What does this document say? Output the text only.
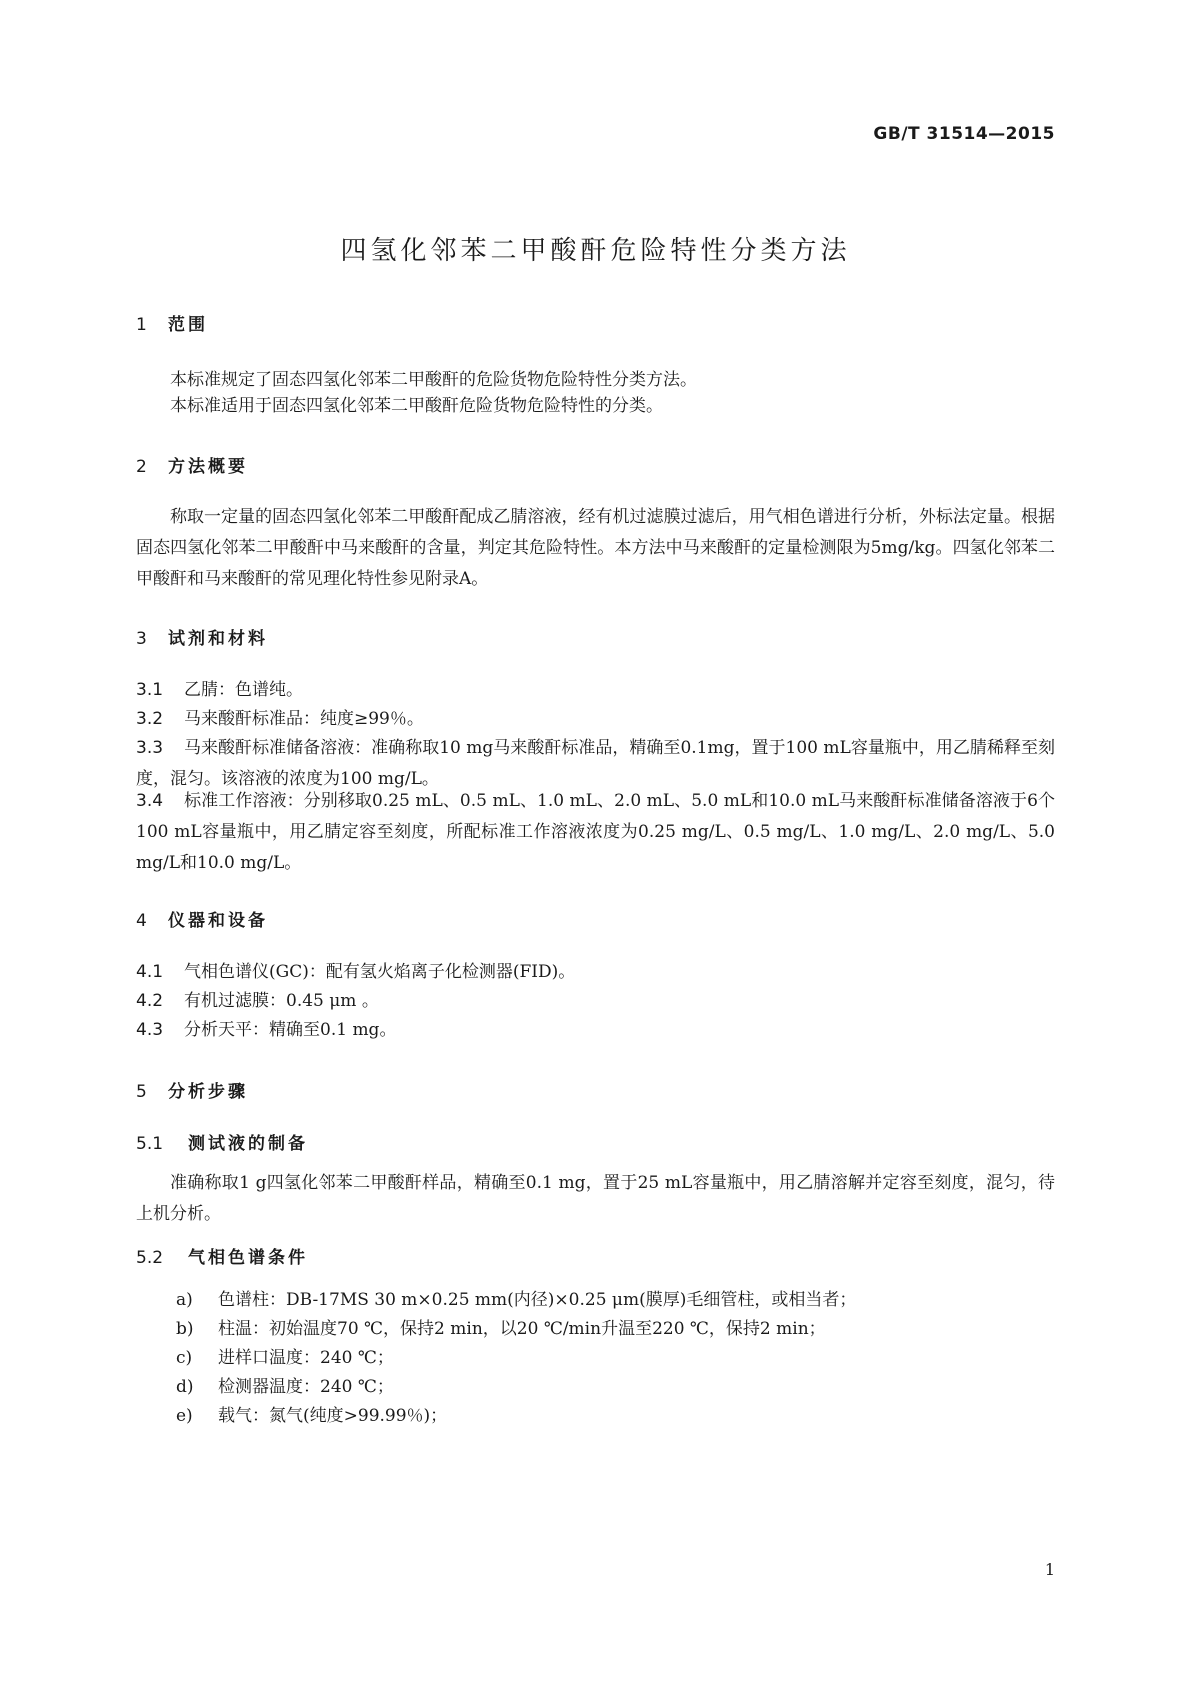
GB/T 31514—2015
四氢化邻苯二甲酸酐危险特性分类方法
1 范围
本标准规定了固态四氢化邻苯二甲酸酐的危险货物危险特性分类方法。
本标准适用于固态四氢化邻苯二甲酸酐危险货物危险特性的分类。
2 方法概要
称取一定量的固态四氢化邻苯二甲酸酐配成乙腈溶液，经有机过滤膜过滤后，用气相色谱进行分析，外标法定量。根据固态四氢化邻苯二甲酸酐中马来酸酐的含量，判定其危险特性。本方法中马来酸酐的定量检测限为5mg/kg。四氢化邻苯二甲酸酐和马来酸酐的常见理化特性参见附录A。
3 试剂和材料
3.1 乙腈：色谱纯。
3.2 马来酸酐标准品：纯度≥99％。
3.3 马来酸酐标准储备溶液：准确称取10 mg马来酸酐标准品，精确至0.1mg，置于100 mL容量瓶中，用乙腈稀释至刻度，混匀。该溶液的浓度为100 mg/L。
3.4 标准工作溶液：分别移取0.25 mL、0.5 mL、1.0 mL、2.0 mL、5.0 mL和10.0 mL马来酸酐标准储备溶液于6个100 mL容量瓶中，用乙腈定容至刻度，所配标准工作溶液浓度为0.25 mg/L、0.5 mg/L、1.0 mg/L、2.0 mg/L、5.0 mg/L和10.0 mg/L。
4 仪器和设备
4.1 气相色谱仪(GC)：配有氢火焰离子化检测器(FID)。
4.2 有机过滤膜：0.45 μm 。
4.3 分析天平：精确至0.1 mg。
5 分析步骤
5.1 测试液的制备
准确称取1 g四氢化邻苯二甲酸酐样品，精确至0.1 mg，置于25 mL容量瓶中，用乙腈溶解并定容至刻度，混匀，待上机分析。
5.2 气相色谱条件
a) 色谱柱：DB-17MS 30 m×0.25 mm(内径)×0.25 μm(膜厚)毛细管柱，或相当者；
b) 柱温：初始温度70 ℃，保持2 min，以20 ℃/min升温至220 ℃，保持2 min；
c) 进样口温度：240 ℃；
d) 检测器温度：240 ℃；
e) 载气：氮气(纯度>99.99％)；
1
